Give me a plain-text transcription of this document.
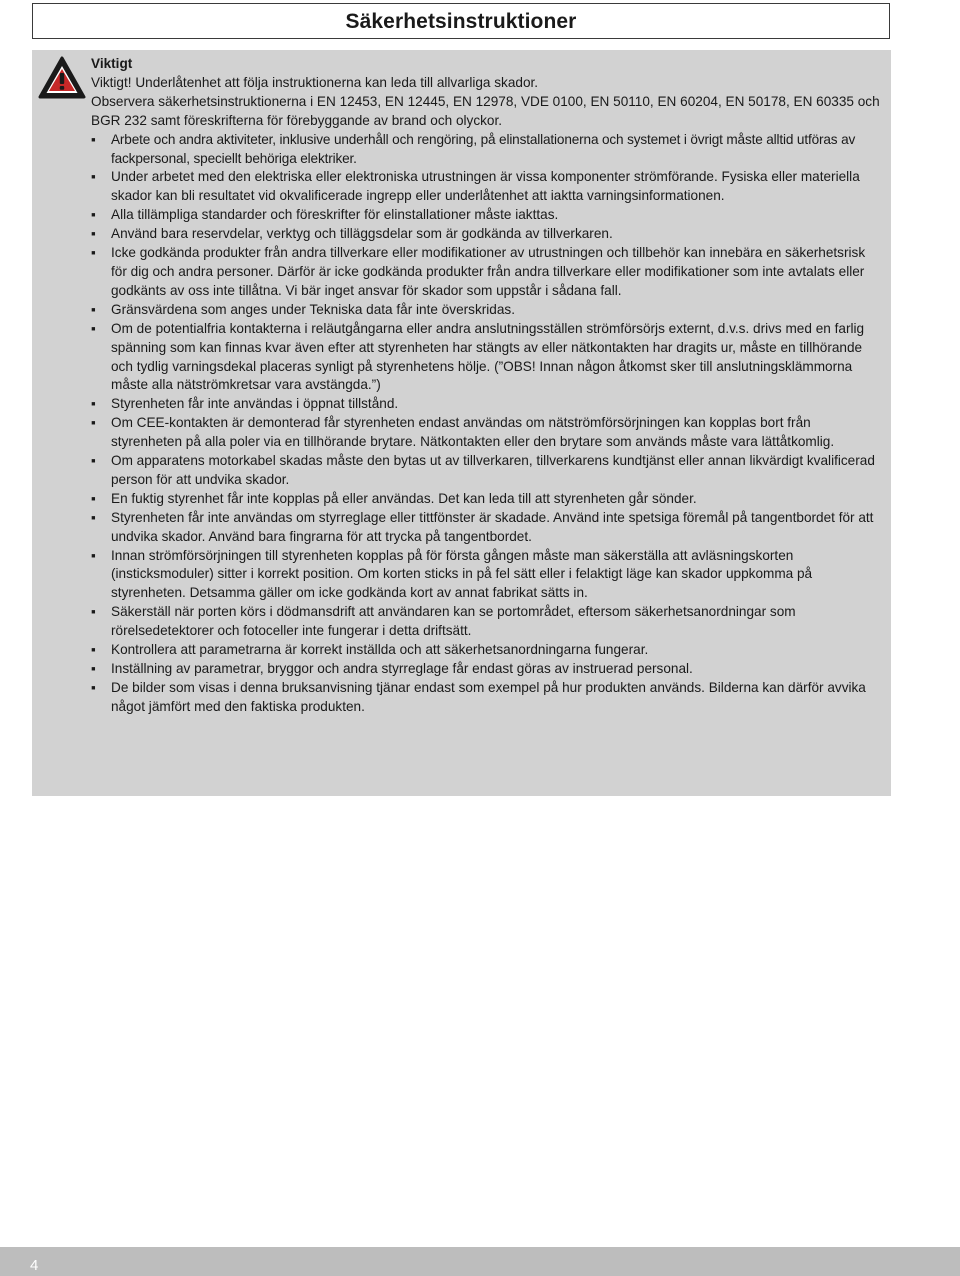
Säkerhetsinstruktioner

Viktigt

Viktigt! Underlåtenhet att följa instruktionerna kan leda till allvarliga skador.

Observera säkerhetsinstruktionerna i EN 12453, EN 12445, EN 12978, VDE 0100, EN 50110, EN 60204, EN 50178, EN 60335 och BGR 232 samt föreskrifterna för förebyggande av brand och olyckor.

▪	Arbete och andra aktiviteter, inklusive underhåll och rengöring, på elinstallationerna och systemet i övrigt måste alltid utföras av fackpersonal, speciellt behöriga elektriker.
▪	Under arbetet med den elektriska eller elektroniska utrustningen är vissa komponenter strömförande. Fysiska eller materiella skador kan bli resultatet vid okvalificerade ingrepp eller underlåtenhet att iaktta varningsinformationen.
▪	Alla tillämpliga standarder och föreskrifter för elinstallationer måste iakttas.
▪	Använd bara reservdelar, verktyg och tilläggsdelar som är godkända av tillverkaren.
▪	Icke godkända produkter från andra tillverkare eller modifikationer av utrustningen och tillbehör kan innebära en säkerhetsrisk för dig och andra personer. Därför är icke godkända produkter från andra tillverkare eller modifikationer som inte avtalats eller godkänts av oss inte tillåtna. Vi bär inget ansvar för skador som uppstår i sådana fall.
▪	Gränsvärdena som anges under Tekniska data får inte överskridas.
▪	Om de potentialfria kontakterna i reläutgångarna eller andra anslutningsställen strömförsörjs externt, d.v.s. drivs med en farlig spänning som kan finnas kvar även efter att styrenheten har stängts av eller nätkontakten har dragits ur, måste en tillhörande och tydlig varningsdekal placeras synligt på styrenhetens hölje. (”OBS! Innan någon åtkomst sker till anslutningsklämmorna måste alla nätströmkretsar vara avstängda.”)
▪	Styrenheten får inte användas i öppnat tillstånd.
▪	Om CEE-kontakten är demonterad får styrenheten endast användas om nätströmförsörjningen kan kopplas bort från styrenheten på alla poler via en tillhörande brytare. Nätkontakten eller den brytare som används måste vara lättåtkomlig.
▪	Om apparatens motorkabel skadas måste den bytas ut av tillverkaren, tillverkarens kundtjänst eller annan likvärdigt kvalificerad person för att undvika skador.
▪	En fuktig styrenhet får inte kopplas på eller användas. Det kan leda till att styrenheten går sönder.
▪	Styrenheten får inte användas om styrreglage eller tittfönster är skadade. Använd inte spetsiga föremål på tangentbordet för att undvika skador. Använd bara fingrarna för att trycka på tangentbordet.
▪	Innan strömförsörjningen till styrenheten kopplas på för första gången måste man säkerställa att avläsningskorten (insticksmoduler) sitter i korrekt position. Om korten sticks in på fel sätt eller i felaktigt läge kan skador uppkomma på styrenheten. Detsamma gäller om icke godkända kort av annat fabrikat sätts in.
▪	Säkerställ när porten körs i dödmansdrift att användaren kan se portområdet, eftersom säkerhetsanordningar som rörelsedetektorer och fotoceller inte fungerar i detta driftsätt.
▪	Kontrollera att parametrarna är korrekt inställda och att säkerhetsanordningarna fungerar.
▪	Inställning av parametrar, bryggor och andra styrreglage får endast göras av instruerad personal.
▪	De bilder som visas i denna bruksanvisning tjänar endast som exempel på hur produkten används. Bilderna kan därför avvika något jämfört med den faktiska produkten.
4
